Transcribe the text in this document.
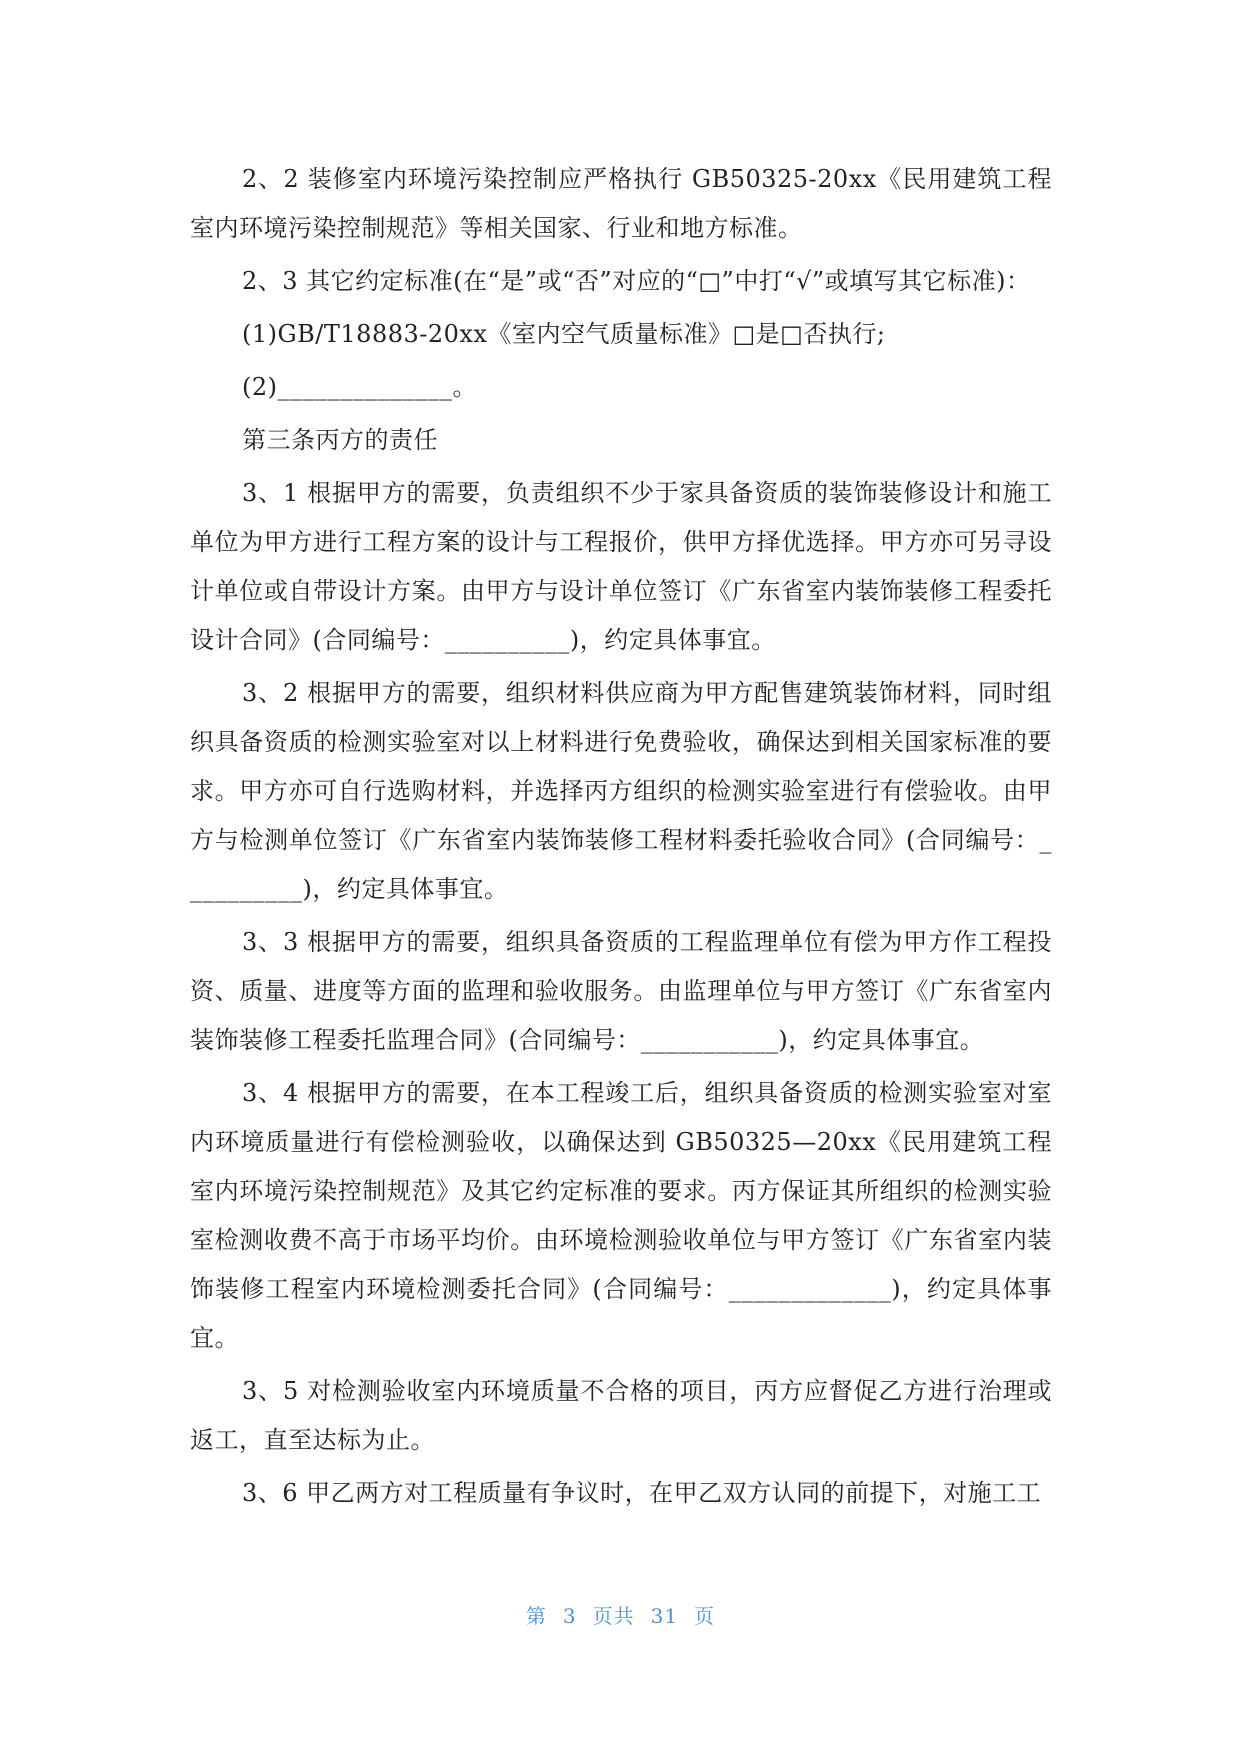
2、2 装修室内环境污染控制应严格执行 GB50325-20xx《民用建筑工程室内环境污染控制规范》等相关国家、行业和地方标准。

2、3 其它约定标准(在“是”或“否”对应的“□”中打“√”或填写其它标准)：

(1)GB/T18883-20xx《室内空气质量标准》□是□否执行;

(2)______________。

第三条丙方的责任

3、1 根据甲方的需要，负责组织不少于家具备资质的装饰装修设计和施工单位为甲方进行工程方案的设计与工程报价，供甲方择优选择。甲方亦可另寻设计单位或自带设计方案。由甲方与设计单位签订《广东省室内装饰装修工程委托设计合同》(合同编号：__________)，约定具体事宜。

3、2 根据甲方的需要，组织材料供应商为甲方配售建筑装饰材料，同时组织具备资质的检测实验室对以上材料进行免费验收，确保达到相关国家标准的要求。甲方亦可自行选购材料，并选择丙方组织的检测实验室进行有偿验收。由甲方与检测单位签订《广东省室内装饰装修工程材料委托验收合同》(合同编号：__________)，约定具体事宜。

3、3 根据甲方的需要，组织具备资质的工程监理单位有偿为甲方作工程投资、质量、进度等方面的监理和验收服务。由监理单位与甲方签订《广东省室内装饰装修工程委托监理合同》(合同编号：___________)，约定具体事宜。

3、4 根据甲方的需要，在本工程竣工后，组织具备资质的检测实验室对室内环境质量进行有偿检测验收，以确保达到 GB50325—20xx《民用建筑工程室内环境污染控制规范》及其它约定标准的要求。丙方保证其所组织的检测实验室检测收费不高于市场平均价。由环境检测验收单位与甲方签订《广东省室内装饰装修工程室内环境检测委托合同》(合同编号：_____________)，约定具体事宜。

3、5 对检测验收室内环境质量不合格的项目，丙方应督促乙方进行治理或返工，直至达标为止。

3、6 甲乙两方对工程质量有争议时，在甲乙双方认同的前提下，对施工工

第 3 页共 31 页
